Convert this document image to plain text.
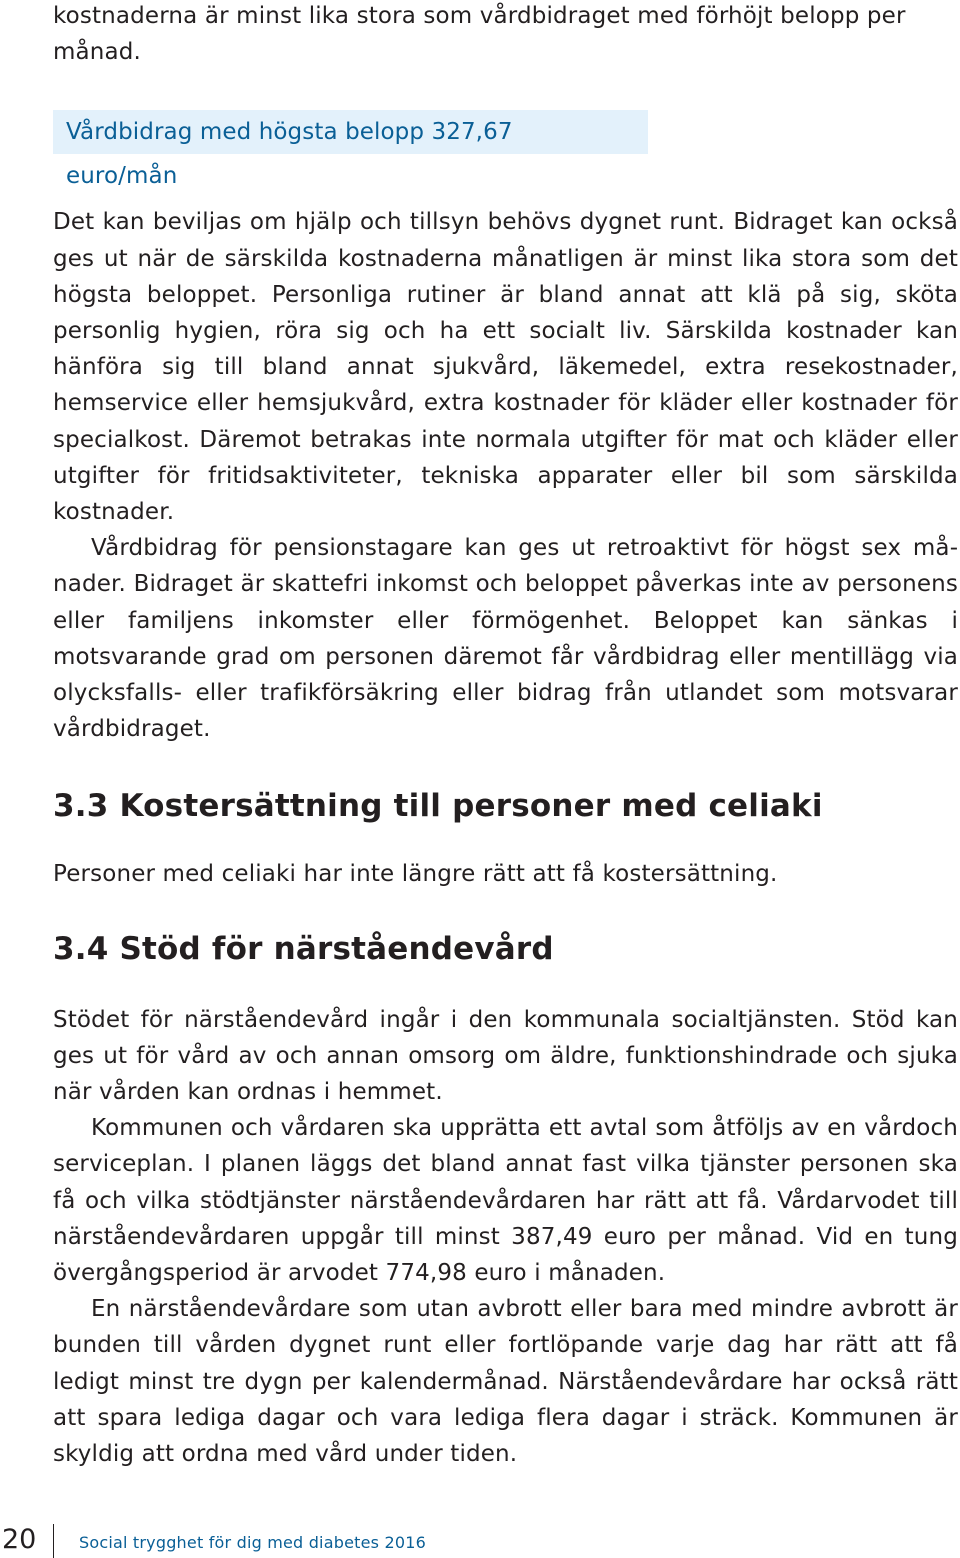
kostnaderna är minst lika stora som vårdbidraget med förhöjt belopp per månad.

Vårdbidrag med högsta belopp 327,67 euro/mån

Det kan beviljas om hjälp och tillsyn behövs dygnet runt. Bidraget kan också ges ut när de särskilda kostnaderna månatligen är minst lika stora som det högsta beloppet. Personliga rutiner är bland annat att klä på sig, sköta personlig hygien, röra sig och ha ett socialt liv. Särskilda kostnader kan hänföra sig till bland annat sjukvård, läkemedel, extra resekostnader, hemservice eller hemsjukvård, extra kostnader för kläder eller kostnader för specialkost. Däremot betrakas inte normala utgifter för mat och kläder eller utgifter för fritidsaktiviteter, tekniska apparater eller bil som särskilda kostnader.

Vårdbidrag för pensionstagare kan ges ut retroaktivt för högst sex månader. Bidraget är skattefri inkomst och beloppet påverkas inte av personens eller familjens inkomster eller förmögenhet. Beloppet kan sänkas i motsvarande grad om personen däremot får vårdbidrag eller mentillägg via olycksfalls- eller trafikförsäkring eller bidrag från utlandet som motsvarar vårdbidraget.

3.3 Kostersättning till personer med celiaki

Personer med celiaki har inte längre rätt att få kostersättning.

3.4 Stöd för närståendevård

Stödet för närståendevård ingår i den kommunala socialtjänsten. Stöd kan ges ut för vård av och annan omsorg om äldre, funktionshindrade och sjuka när vården kan ordnas i hemmet.

Kommunen och vårdaren ska upprätta ett avtal som åtföljs av en vårdoch serviceplan. I planen läggs det bland annat fast vilka tjänster personen ska få och vilka stödtjänster närståendevårdaren har rätt att få. Vårdarvodet till närståendevårdaren uppgår till minst 387,49 euro per månad. Vid en tung övergångsperiod är arvodet 774,98 euro i månaden.

En närståendevårdare som utan avbrott eller bara med mindre avbrott är bunden till vården dygnet runt eller fortlöpande varje dag har rätt att få ledigt minst tre dygn per kalendermånad. Närståendevårdare har också rätt att spara lediga dagar och vara lediga flera dagar i sträck. Kommunen är skyldig att ordna med vård under tiden.

20	Social trygghet för dig med diabetes 2016
